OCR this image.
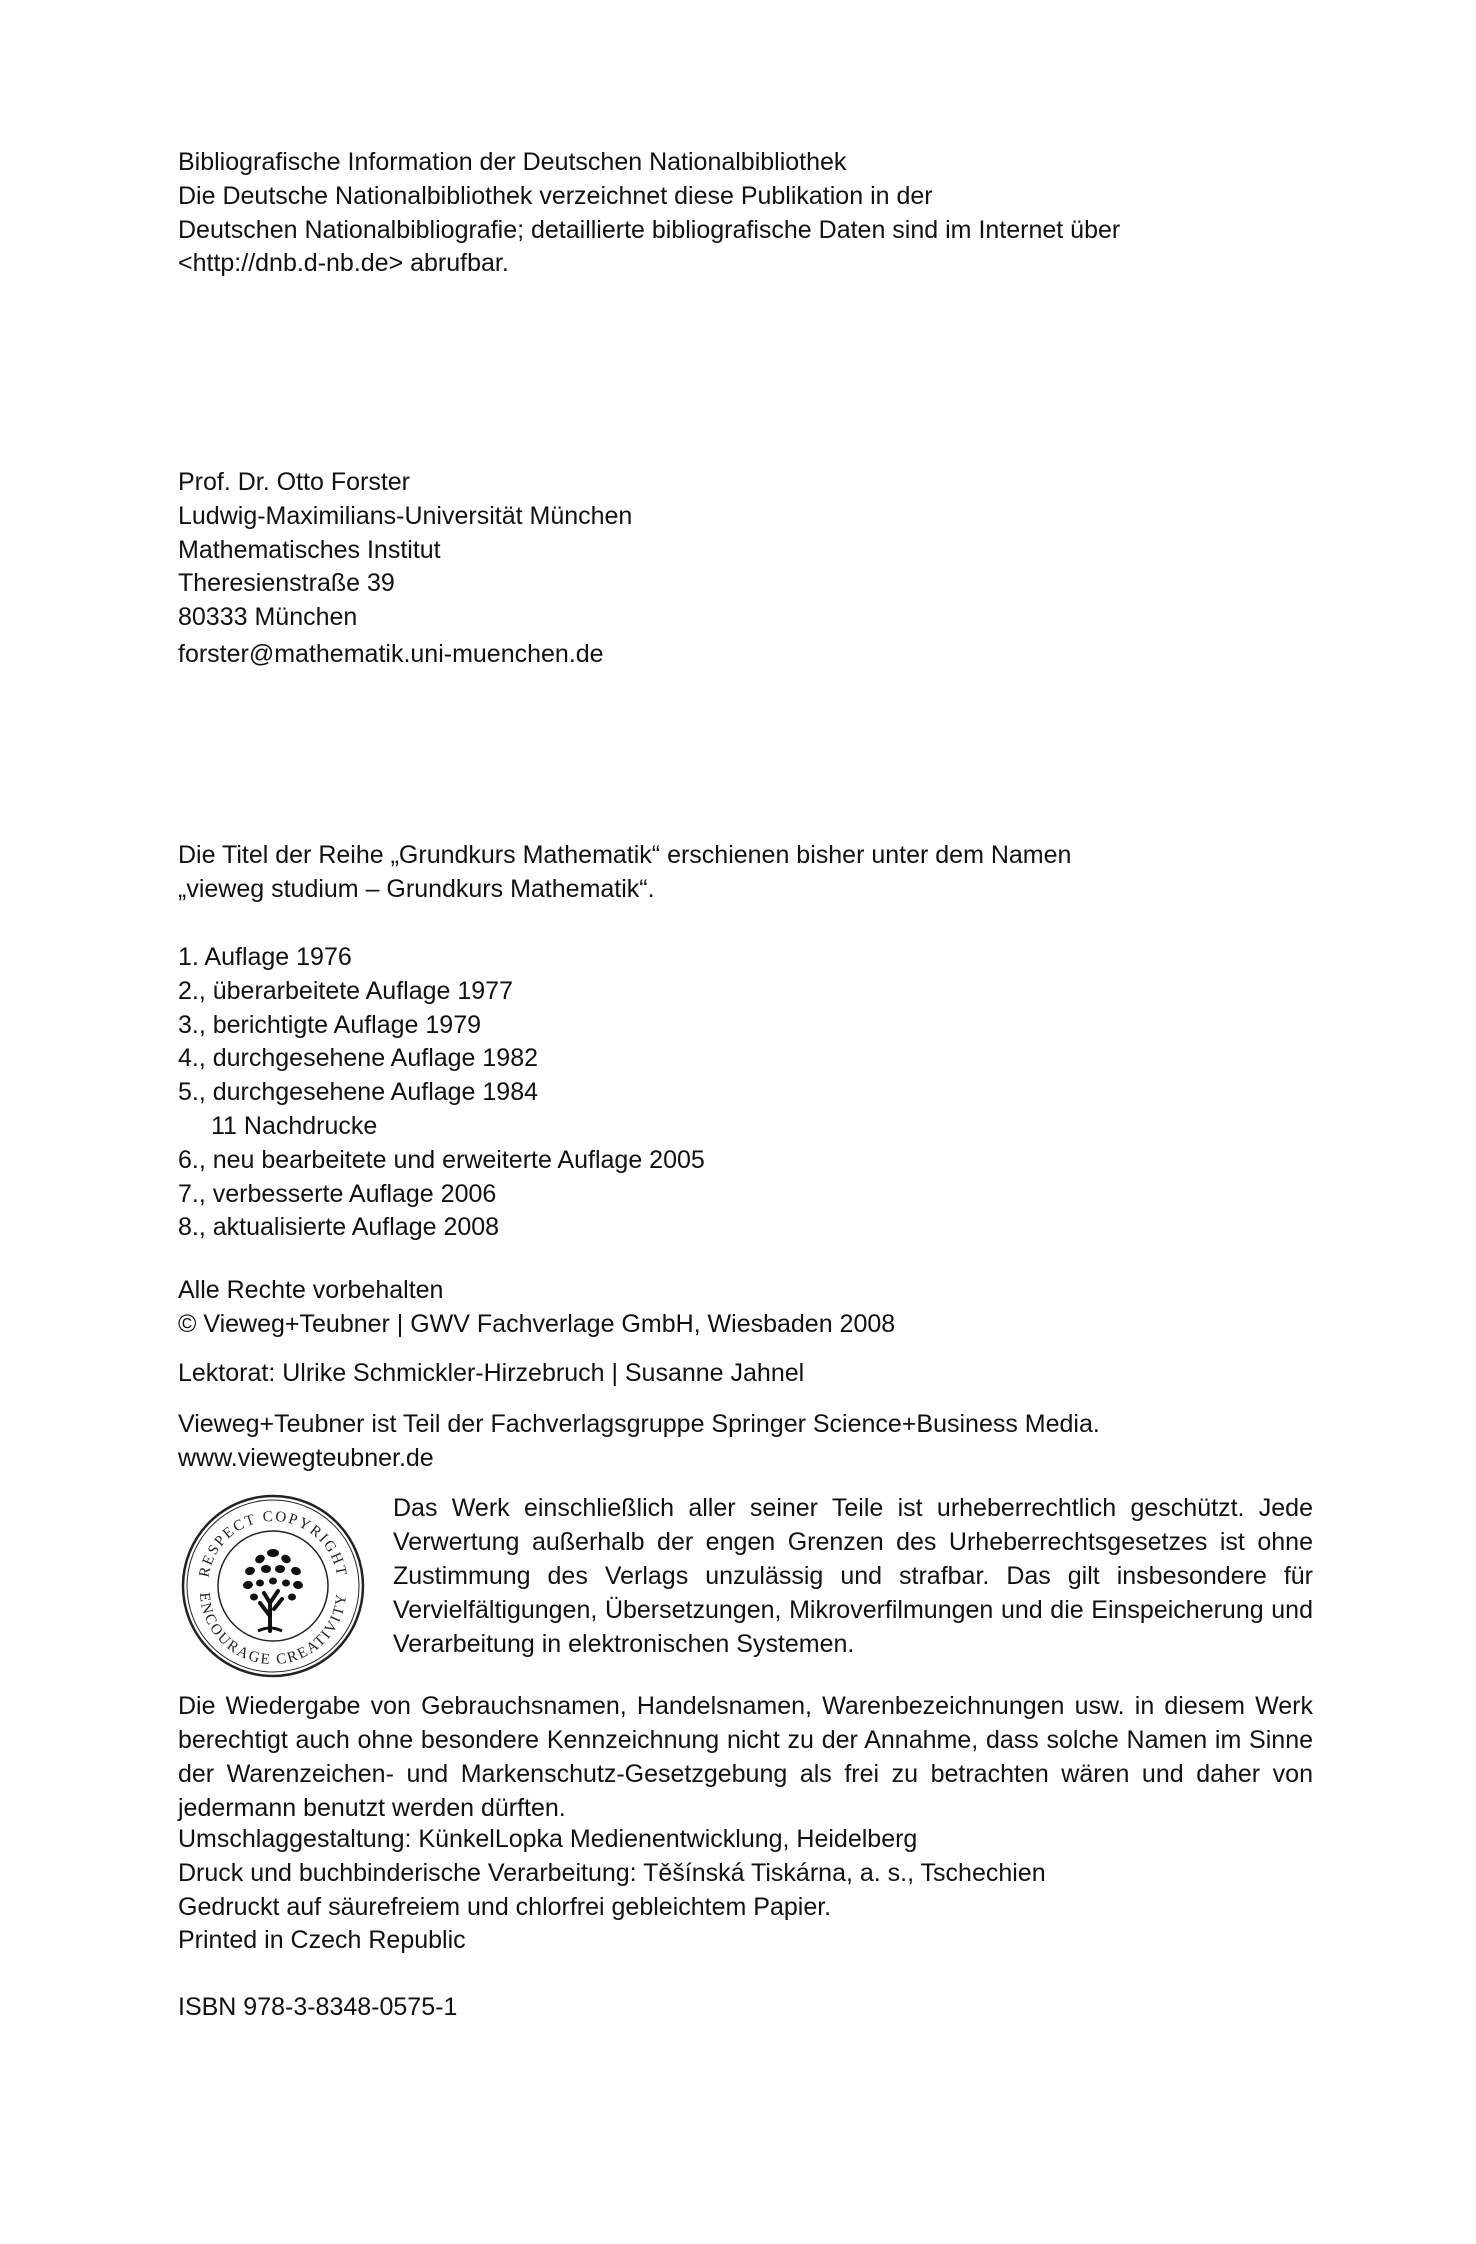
Bibliografische Information der Deutschen Nationalbibliothek
Die Deutsche Nationalbibliothek verzeichnet diese Publikation in der
Deutschen Nationalbibliografie; detaillierte bibliografische Daten sind im Internet über
<http://dnb.d-nb.de> abrufbar.
Prof. Dr. Otto Forster
Ludwig-Maximilians-Universität München
Mathematisches Institut
Theresienstraße 39
80333 München
forster@mathematik.uni-muenchen.de
Die Titel der Reihe „Grundkurs Mathematik“ erschienen bisher unter dem Namen
„vieweg studium – Grundkurs Mathematik“.
1. Auflage 1976
2., überarbeitete Auflage 1977
3., berichtigte Auflage 1979
4., durchgesehene Auflage 1982
5., durchgesehene Auflage 1984
11 Nachdrucke
6., neu bearbeitete und erweiterte Auflage 2005
7., verbesserte Auflage 2006
8., aktualisierte Auflage 2008
Alle Rechte vorbehalten
© Vieweg+Teubner | GWV Fachverlage GmbH, Wiesbaden 2008
Lektorat: Ulrike Schmickler-Hirzebruch | Susanne Jahnel
Vieweg+Teubner ist Teil der Fachverlagsgruppe Springer Science+Business Media.
www.viewegteubner.de
RESPECT COPYRIGHT
ENCOURAGE CREATIVITY
Das Werk einschließlich aller seiner Teile ist urheberrechtlich geschützt. Jede Verwertung außerhalb der engen Grenzen des Urheberrechtsgesetzes ist ohne Zustimmung des Verlags unzulässig und strafbar. Das gilt insbesondere für Vervielfältigungen, Übersetzungen, Mikroverfilmungen und die Einspeicherung und Verarbeitung in elektronischen Systemen.
Die Wiedergabe von Gebrauchsnamen, Handelsnamen, Warenbezeichnungen usw. in diesem Werk berechtigt auch ohne besondere Kennzeichnung nicht zu der Annahme, dass solche Namen im Sinne der Warenzeichen- und Markenschutz-Gesetzgebung als frei zu betrachten wären und daher von jedermann benutzt werden dürften.
Umschlaggestaltung: KünkelLopka Medienentwicklung, Heidelberg
Druck und buchbinderische Verarbeitung: Těšínská Tiskárna, a. s., Tschechien
Gedruckt auf säurefreiem und chlorfrei gebleichtem Papier.
Printed in Czech Republic
ISBN 978-3-8348-0575-1
